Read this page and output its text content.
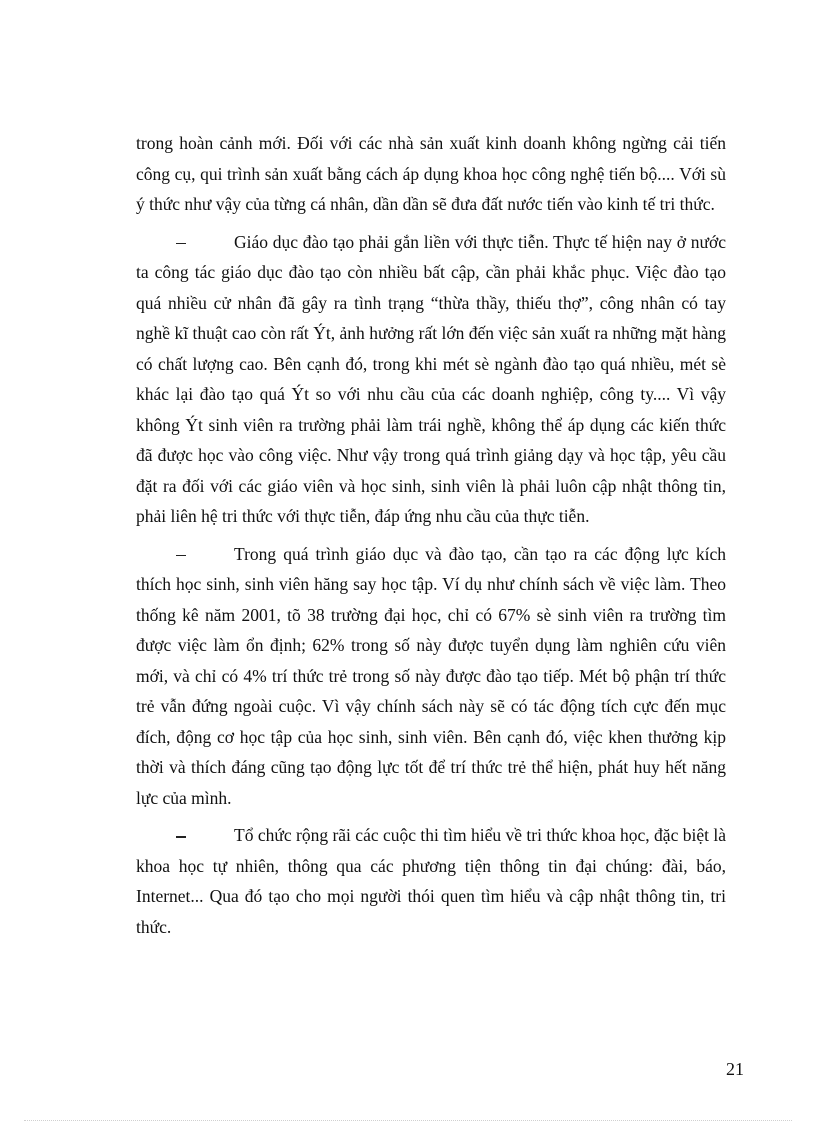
trong hoàn cảnh mới. Đối với các nhà sản xuất kinh doanh không ngừng cải tiến công cụ, qui trình sản xuất bằng cách áp dụng khoa học công nghệ tiến bộ.... Với sù ý thức như vậy của từng cá nhân, dần dần sẽ đưa đất nước tiến vào kinh tế tri thức.

Giáo dục đào tạo phải gắn liền với thực tiễn. Thực tế hiện nay ở nước ta công tác giáo dục đào tạo còn nhiều bất cập, cần phải khắc phục. Việc đào tạo quá nhiều cử nhân đã gây ra tình trạng “thừa thầy, thiếu thợ”, công nhân có tay nghề kĩ thuật cao còn rất Ýt, ảnh hưởng rất lớn đến việc sản xuất ra những mặt hàng có chất lượng cao. Bên cạnh đó, trong khi mét sè ngành đào tạo quá nhiều, mét sè khác lại đào tạo quá Ýt so với nhu cầu của các doanh nghiệp, công ty.... Vì vậy không Ýt sinh viên ra trường phải làm trái nghề, không thể áp dụng các kiến thức đã được học vào công việc. Như vậy trong quá trình giảng dạy và học tập, yêu cầu đặt ra đối với các giáo viên và học sinh, sinh viên là phải luôn cập nhật thông tin, phải liên hệ tri thức với thực tiễn, đáp ứng nhu cầu của thực tiễn.

Trong quá trình giáo dục và đào tạo, cần tạo ra các động lực kích thích học sinh, sinh viên hăng say học tập. Ví dụ như chính sách về việc làm. Theo thống kê năm 2001, tõ 38 trường đại học, chỉ có 67% sè sinh viên ra trường tìm được việc làm ổn định; 62% trong số này được tuyển dụng làm nghiên cứu viên mới, và chỉ có 4% trí thức trẻ trong số này được đào tạo tiếp. Mét bộ phận trí thức trẻ vẫn đứng ngoài cuộc. Vì vậy chính sách này sẽ có tác động tích cực đến mục đích, động cơ học tập của học sinh, sinh viên. Bên cạnh đó, việc khen thưởng kịp thời và thích đáng cũng tạo động lực tốt để trí thức trẻ thể hiện, phát huy hết năng lực của mình.

Tổ chức rộng rãi các cuộc thi tìm hiểu về tri thức khoa học, đặc biệt là khoa học tự nhiên, thông qua các phương tiện thông tin đại chúng: đài, báo, Internet... Qua đó tạo cho mọi người thói quen tìm hiểu và cập nhật thông tin, tri thức.

21
